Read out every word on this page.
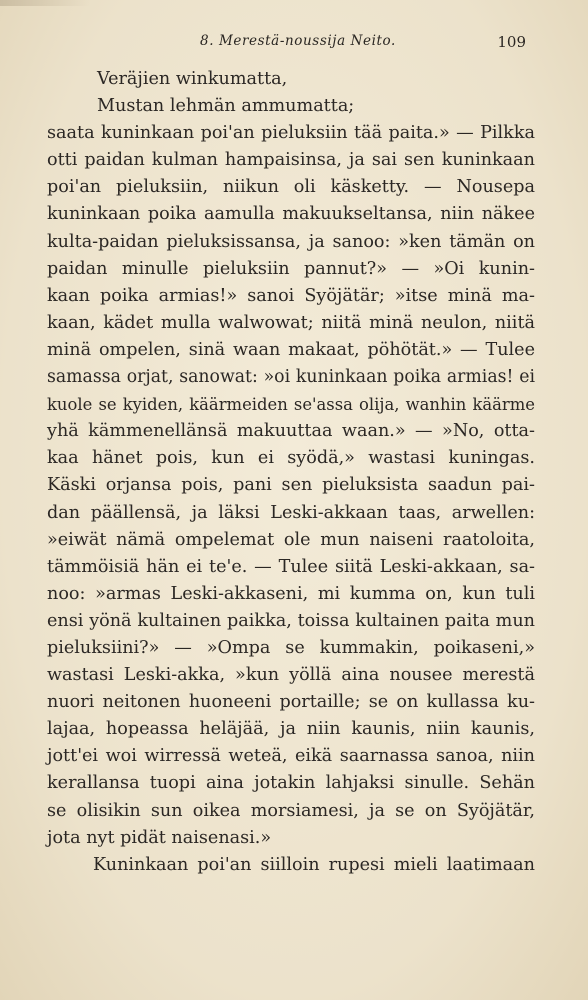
8. Merestä-noussija Neito.	109
Veräjien winkumatta,
Mustan lehmän ammumatta;
saata kuninkaan poi'an pieluksiin tää paita.» — Pilkka
otti paidan kulman hampaisinsa, ja sai sen kuninkaan
poi'an pieluksiin, niikun oli käsketty. — Nousepa
kuninkaan poika aamulla makuukseltansa, niin näkee
kulta-paidan pieluksissansa, ja sanoo: »ken tämän on
paidan minulle pieluksiin pannut?» — »Oi kunin-
kaan poika armias!» sanoi Syöjätär; »itse minä ma-
kaan, kädet mulla walwowat; niitä minä neulon, niitä
minä ompelen, sinä waan makaat, pöhötät.» — Tulee
samassa orjat, sanowat: »oi kuninkaan poika armias! ei
kuole se kyiden, käärmeiden se'assa olija, wanhin käärme
yhä kämmenellänsä makuuttaa waan.» — »No, otta-
kaa hänet pois, kun ei syödä,» wastasi kuningas.
Käski orjansa pois, pani sen pieluksista saadun pai-
dan päällensä, ja läksi Leski-akkaan taas, arwellen:
»eiwät nämä ompelemat ole mun naiseni raatoloita,
tämmöisiä hän ei te'e. — Tulee siitä Leski-akkaan, sa-
noo: »armas Leski-akkaseni, mi kumma on, kun tuli
ensi yönä kultainen paikka, toissa kultainen paita mun
pieluksiini?» — »Ompa se kummakin, poikaseni,»
wastasi Leski-akka, »kun yöllä aina nousee merestä
nuori neitonen huoneeni portaille; se on kullassa ku-
lajaa, hopeassa heläjää, ja niin kaunis, niin kaunis,
jott'ei woi wirressä weteä, eikä saarnassa sanoa, niin
kerallansa tuopi aina jotakin lahjaksi sinulle. Sehän
se olisikin sun oikea morsiamesi, ja se on Syöjätär,
jota nyt pidät naisenasi.»
Kuninkaan poi'an siilloin rupesi mieli laatimaan
